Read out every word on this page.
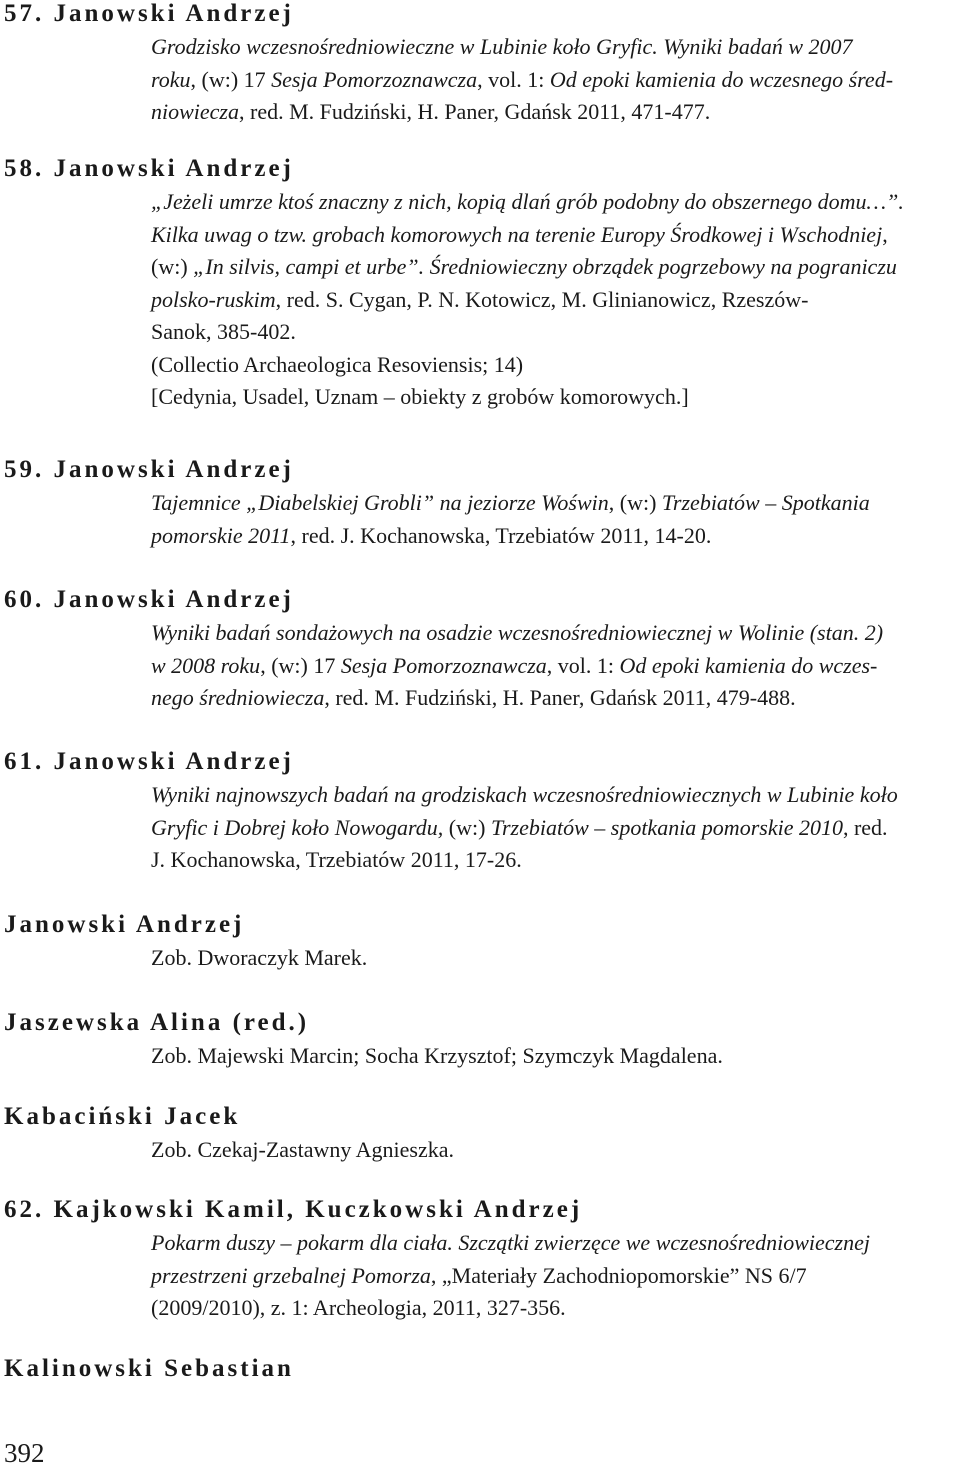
57. Janowski Andrzej
Grodzisko wczesnośredniowieczne w Lubinie koło Gryfic. Wyniki badań w 2007
roku, (w:) 17 Sesja Pomorzoznawcza, vol. 1: Od epoki kamienia do wczesnego śred-
niowiecza, red. M. Fudziński, H. Paner, Gdańsk 2011, 471-477.
58. Janowski Andrzej
„Jeżeli umrze ktoś znaczny z nich, kopią dlań grób podobny do obszernego domu…”.
Kilka uwag o tzw. grobach komorowych na terenie Europy Środkowej i Wschodniej,
(w:) „In silvis, campi et urbe”. Średniowieczny obrządek pogrzebowy na pograniczu
polsko-ruskim, red. S. Cygan, P. N. Kotowicz, M. Glinianowicz, Rzeszów-
Sanok, 385-402.
(Collectio Archaeologica Resoviensis; 14)
[Cedynia, Usadel, Uznam – obiekty z grobów komorowych.]
59. Janowski Andrzej
Tajemnice „Diabelskiej Grobli” na jeziorze Woświn, (w:) Trzebiatów – Spotkania
pomorskie 2011, red. J. Kochanowska, Trzebiatów 2011, 14-20.
60. Janowski Andrzej
Wyniki badań sondażowych na osadzie wczesnośredniowiecznej w Wolinie (stan. 2)
w 2008 roku, (w:) 17 Sesja Pomorzoznawcza, vol. 1: Od epoki kamienia do wczes-
nego średniowiecza, red. M. Fudziński, H. Paner, Gdańsk 2011, 479-488.
61. Janowski Andrzej
Wyniki najnowszych badań na grodziskach wczesnośredniowiecznych w Lubinie koło
Gryfic i Dobrej koło Nowogardu, (w:) Trzebiatów – spotkania pomorskie 2010, red.
J. Kochanowska, Trzebiatów 2011, 17-26.
Janowski Andrzej
Zob. Dworaczyk Marek.
Jaszewska Alina (red.)
Zob. Majewski Marcin; Socha Krzysztof; Szymczyk Magdalena.
Kabaciński Jacek
Zob. Czekaj-Zastawny Agnieszka.
62. Kajkowski Kamil, Kuczkowski Andrzej
Pokarm duszy – pokarm dla ciała. Szczątki zwierzęce we wczesnośredniowiecznej
przestrzeni grzebalnej Pomorza, „Materiały Zachodniopomorskie” NS 6/7
(2009/2010), z. 1: Archeologia, 2011, 327-356.
Kalinowski Sebastian
392
